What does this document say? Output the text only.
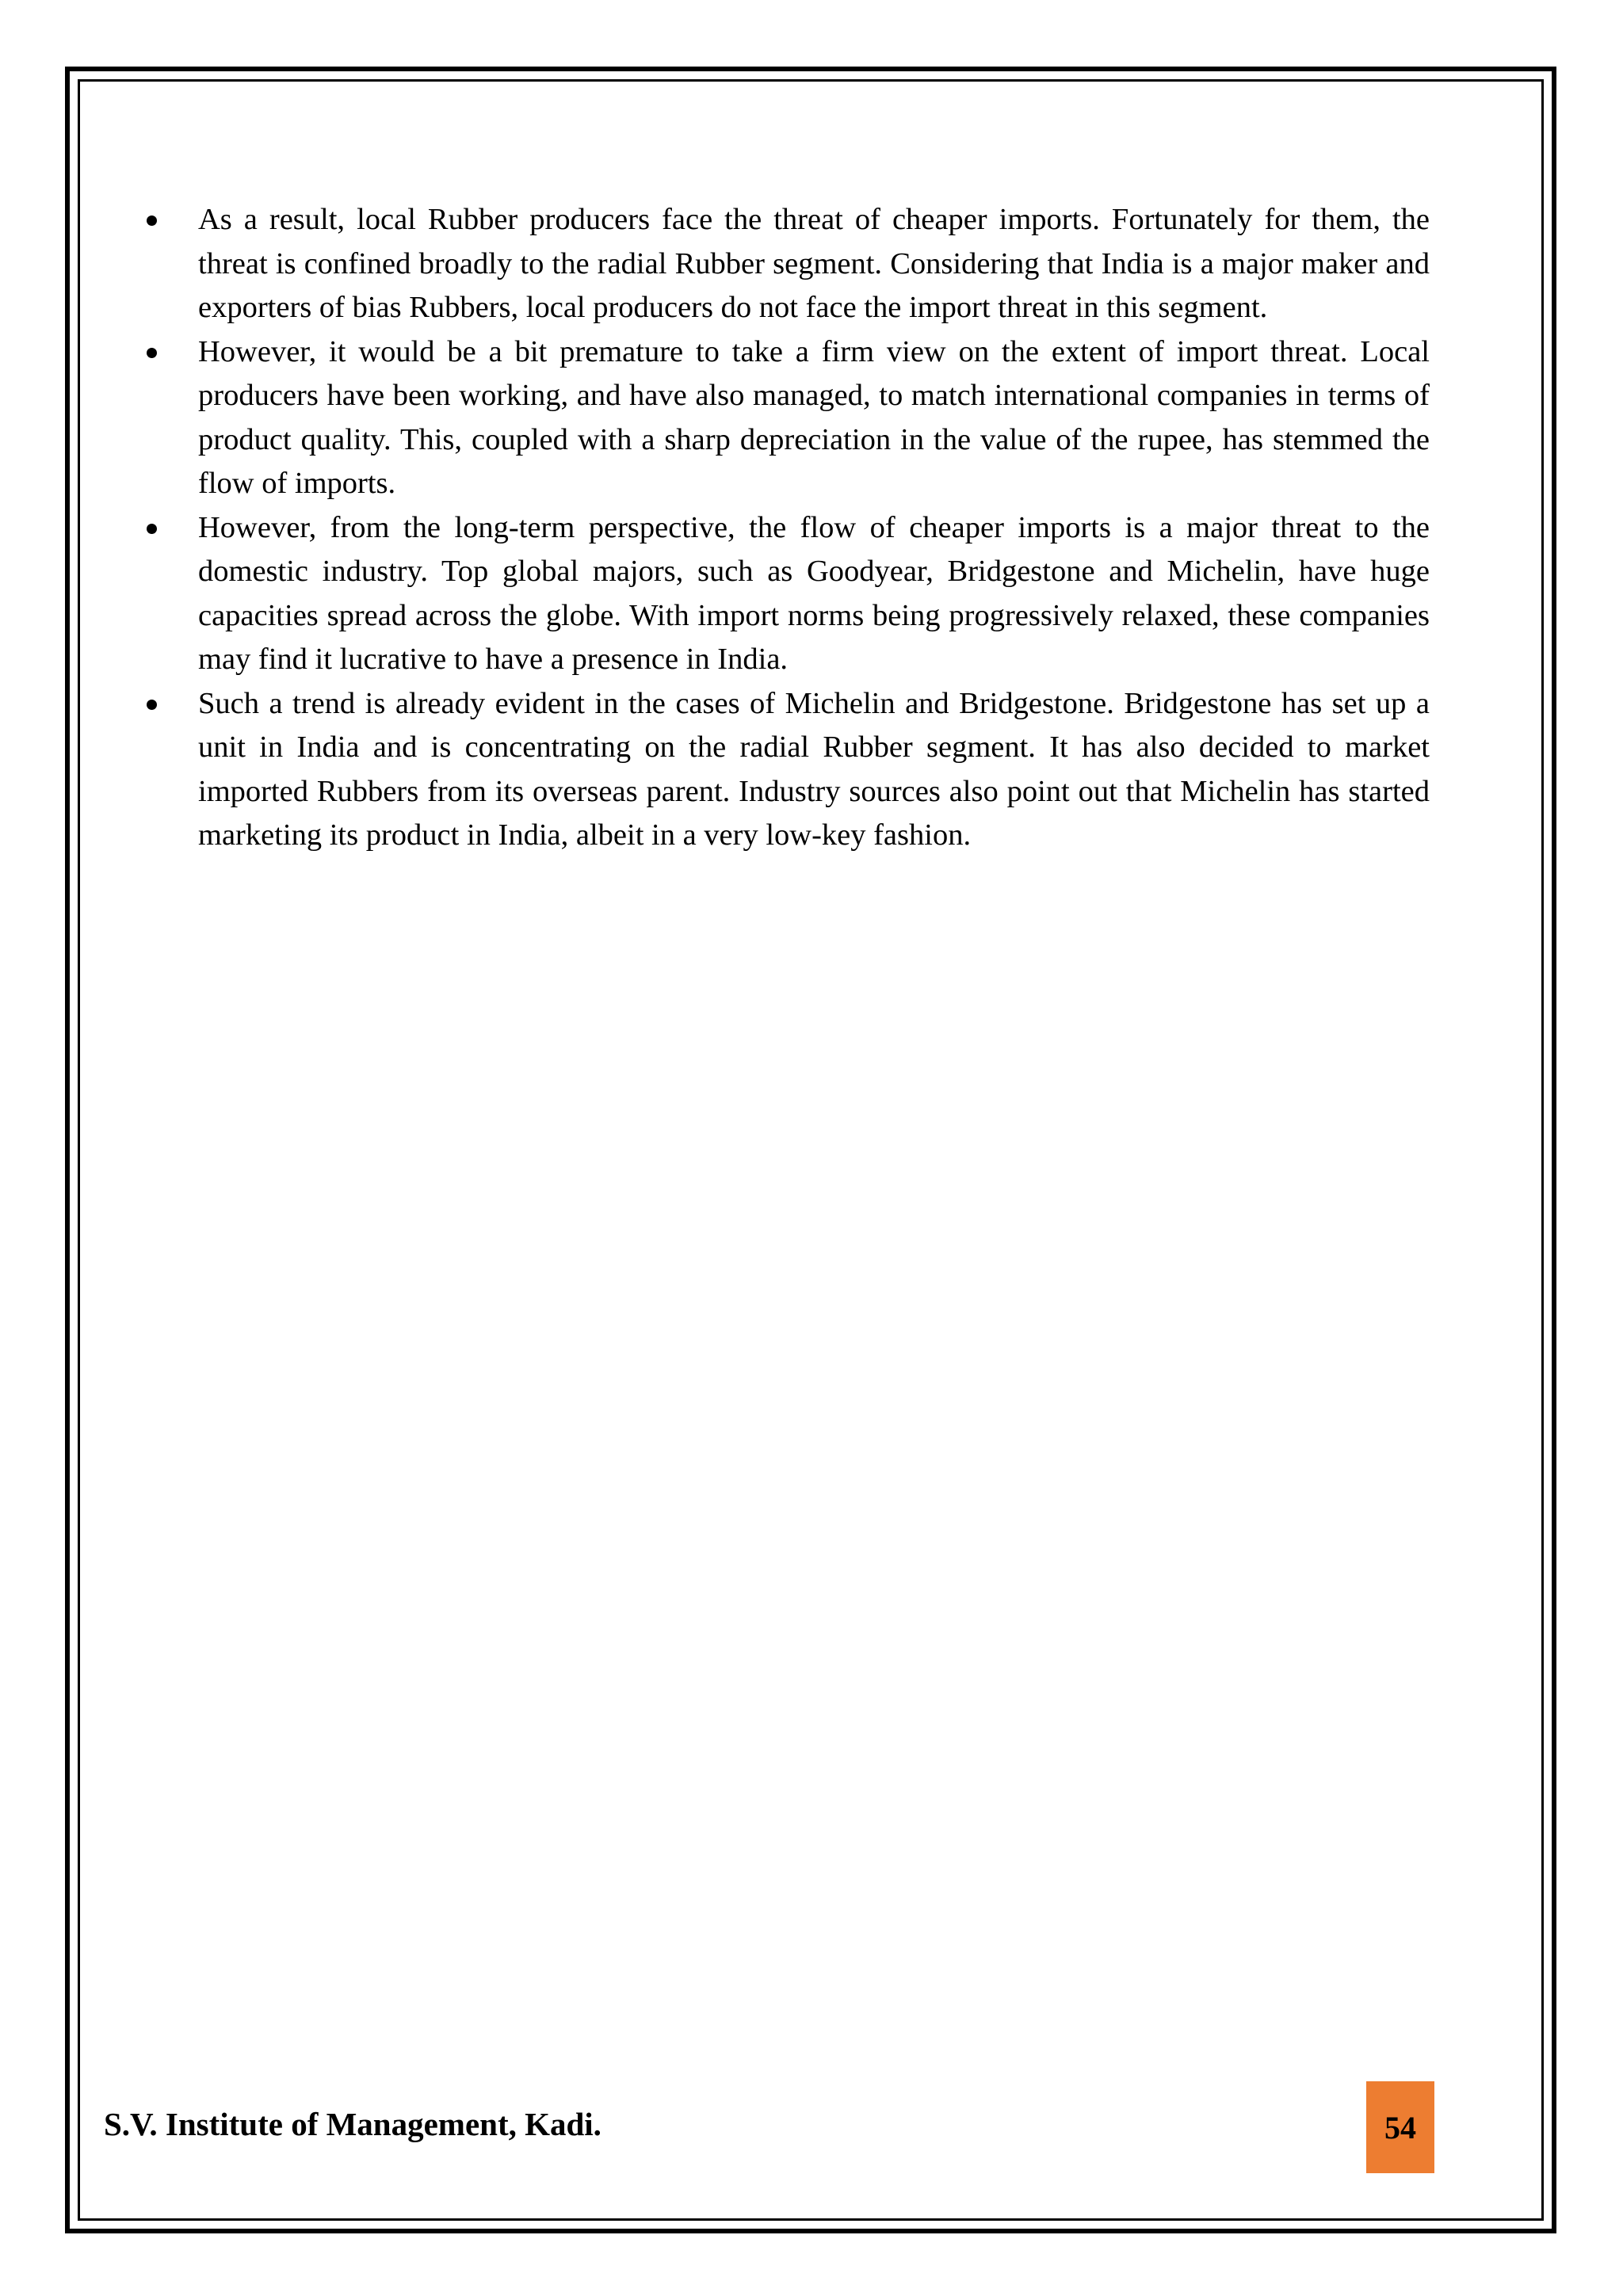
As a result, local Rubber producers face the threat of cheaper imports. Fortunately for them, the threat is confined broadly to the radial Rubber segment. Considering that India is a major maker and exporters of bias Rubbers, local producers do not face the import threat in this segment.
However, it would be a bit premature to take a firm view on the extent of import threat. Local producers have been working, and have also managed, to match international companies in terms of product quality. This, coupled with a sharp depreciation in the value of the rupee, has stemmed the flow of imports.
However, from the long-term perspective, the flow of cheaper imports is a major threat to the domestic industry. Top global majors, such as Goodyear, Bridgestone and Michelin, have huge capacities spread across the globe. With import norms being progressively relaxed, these companies may find it lucrative to have a presence in India.
Such a trend is already evident in the cases of Michelin and Bridgestone. Bridgestone has set up a unit in India and is concentrating on the radial Rubber segment. It has also decided to market imported Rubbers from its overseas parent. Industry sources also point out that Michelin has started marketing its product in India, albeit in a very low-key fashion.
S.V. Institute of Management, Kadi.	54
